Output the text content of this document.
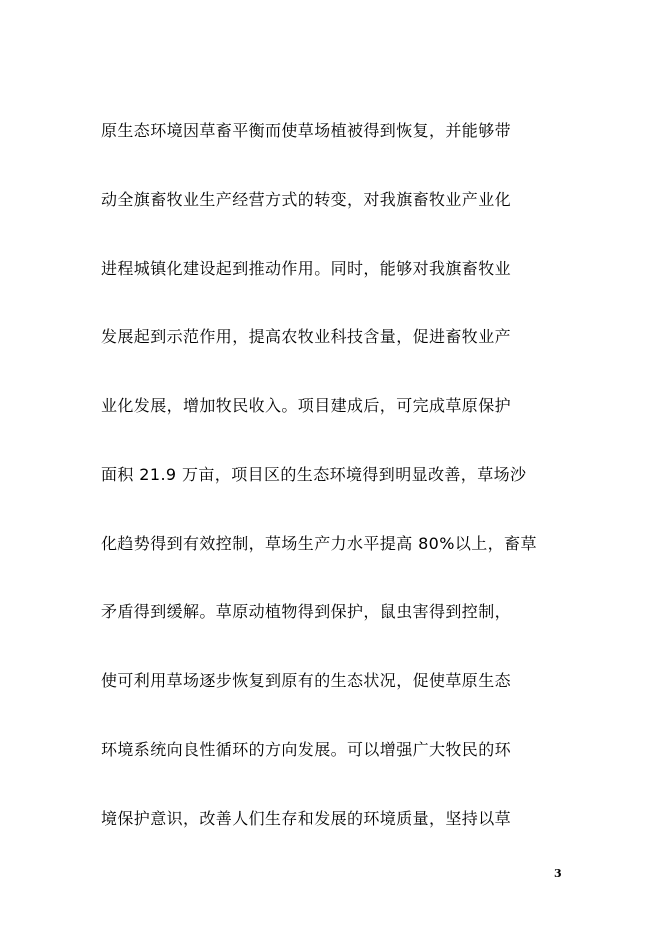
原生态环境因草畜平衡而使草场植被得到恢复，并能够带
动全旗畜牧业生产经营方式的转变，对我旗畜牧业产业化
进程城镇化建设起到推动作用。同时，能够对我旗畜牧业
发展起到示范作用，提高农牧业科技含量，促进畜牧业产
业化发展，增加牧民收入。项目建成后，可完成草原保护
面积 21.9 万亩，项目区的生态环境得到明显改善，草场沙
化趋势得到有效控制，草场生产力水平提高 80%以上，畜草
矛盾得到缓解。草原动植物得到保护，鼠虫害得到控制，
使可利用草场逐步恢复到原有的生态状况，促使草原生态
环境系统向良性循环的方向发展。可以增强广大牧民的环
境保护意识，改善人们生存和发展的环境质量，坚持以草
3
